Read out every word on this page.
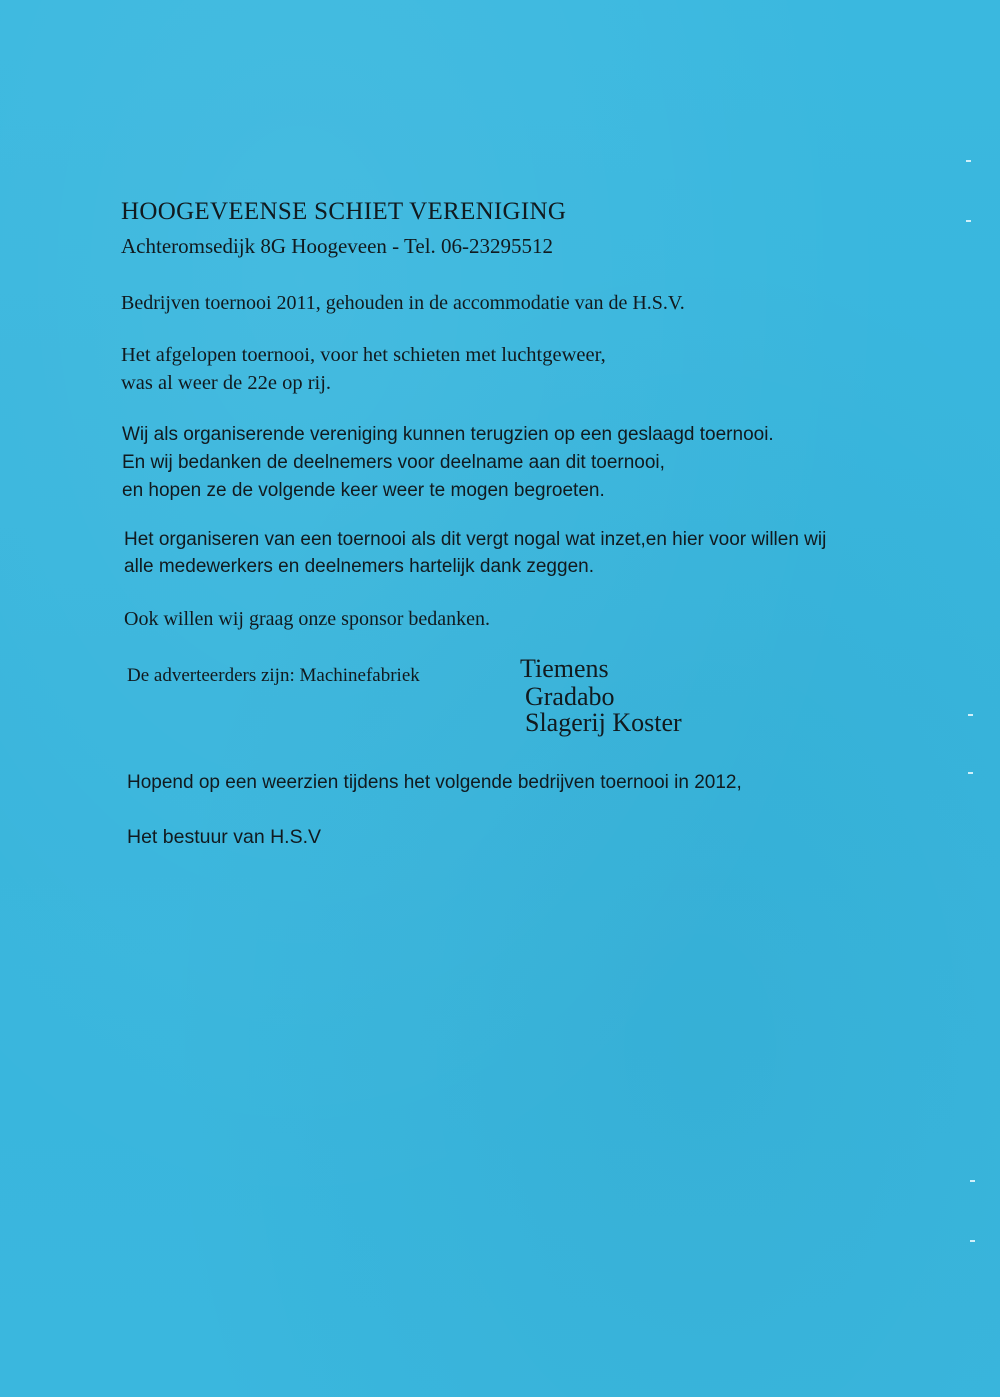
HOOGEVEENSE SCHIET VERENIGING

Achteromsedijk 8G Hoogeveen - Tel. 06-23295512

Bedrijven toernooi 2011, gehouden in de accommodatie van de H.S.V.

Het afgelopen toernooi, voor het schieten met luchtgeweer,

was al weer de 22e op rij.

Wij als organiserende vereniging kunnen terugzien op een geslaagd toernooi.

En wij bedanken de deelnemers voor deelname aan dit toernooi,

en hopen ze de volgende keer weer te mogen begroeten.

Het organiseren van een toernooi als dit vergt nogal wat inzet,en hier voor willen wij

alle medewerkers en deelnemers hartelijk dank zeggen.

Ook willen wij graag onze sponsor bedanken.

De adverteerders zijn: Machinefabriek	Tiemens

Gradabo

Slagerij Koster

Hopend op een weerzien tijdens het volgende bedrijven toernooi in 2012,

Het bestuur van H.S.V
